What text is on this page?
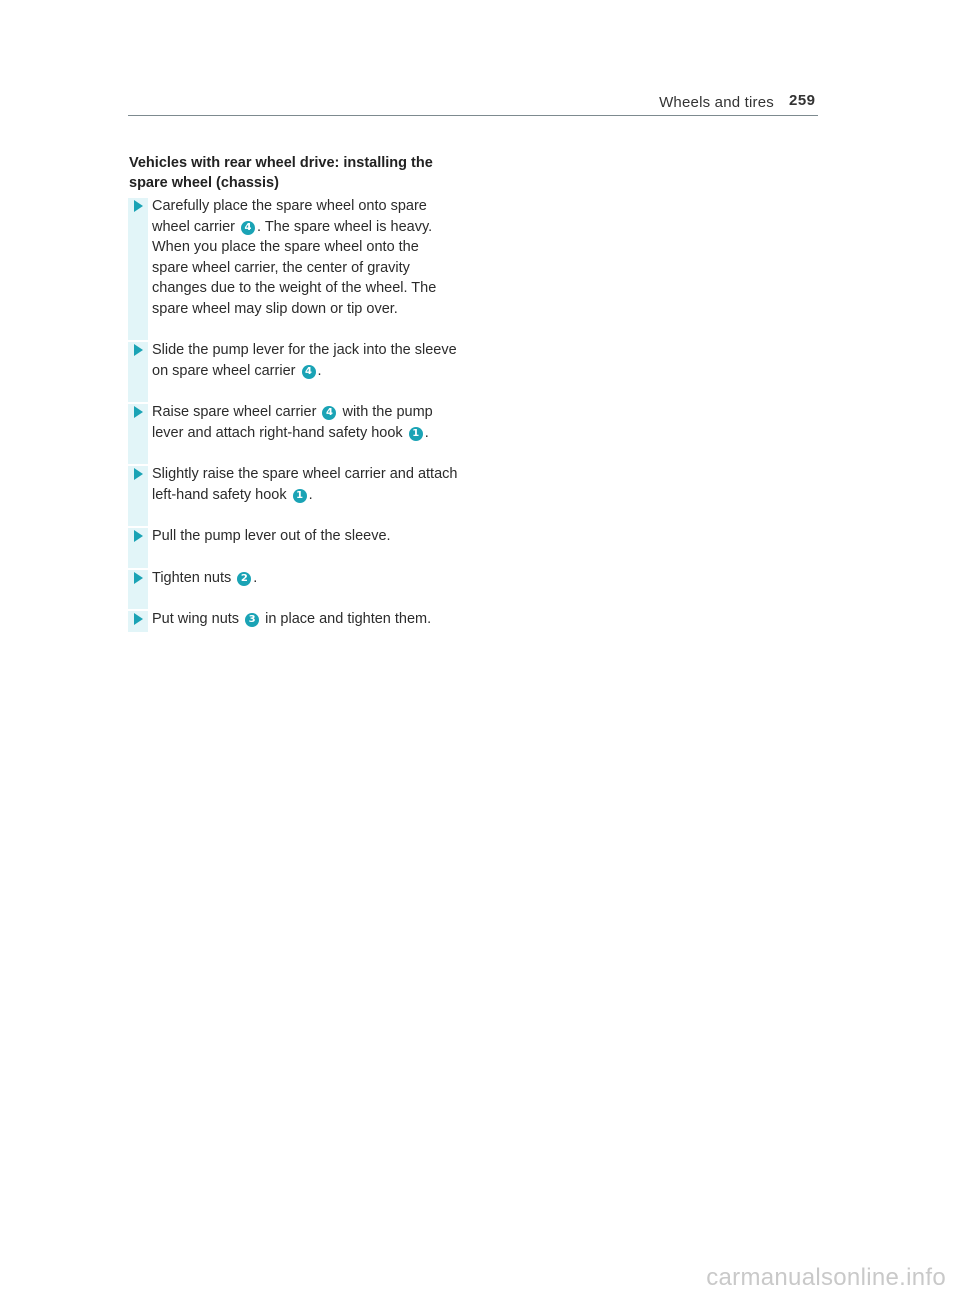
Wheels and tires 259
Vehicles with rear wheel drive: installing the spare wheel (chassis)
Carefully place the spare wheel onto spare wheel carrier 4 . The spare wheel is heavy. When you place the spare wheel onto the spare wheel carrier, the center of gravity changes due to the weight of the wheel. The spare wheel may slip down or tip over.
Slide the pump lever for the jack into the sleeve on spare wheel carrier 4 .
Raise spare wheel carrier 4 with the pump lever and attach right-hand safety hook 1 .
Slightly raise the spare wheel carrier and attach left-hand safety hook 1 .
Pull the pump lever out of the sleeve.
Tighten nuts 2 .
Put wing nuts 3 in place and tighten them.
carmanualsonline.info
